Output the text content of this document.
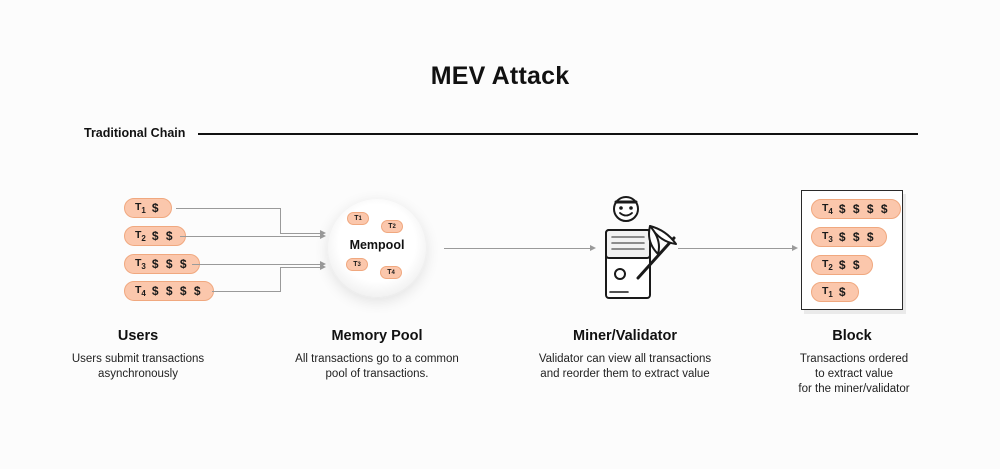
MEV Attack
Traditional Chain
$T_1$ $
$T_2$ $ $
$T_3$ $ $ $
$T_4$ $ $ $ $
T 1
T 2
T 3
T 4
Mempool
$T_4$ $ $ $ $
$T_3$ $ $ $
$T_2$ $ $
$T_1$ $
Users
Users submit transactions
asynchronously
Memory Pool
All transactions go to a common
pool of transactions.
Miner/Validator
Validator can view all transactions
and reorder them to extract value
Block
Transactions ordered
to extract value
for the miner/validator
